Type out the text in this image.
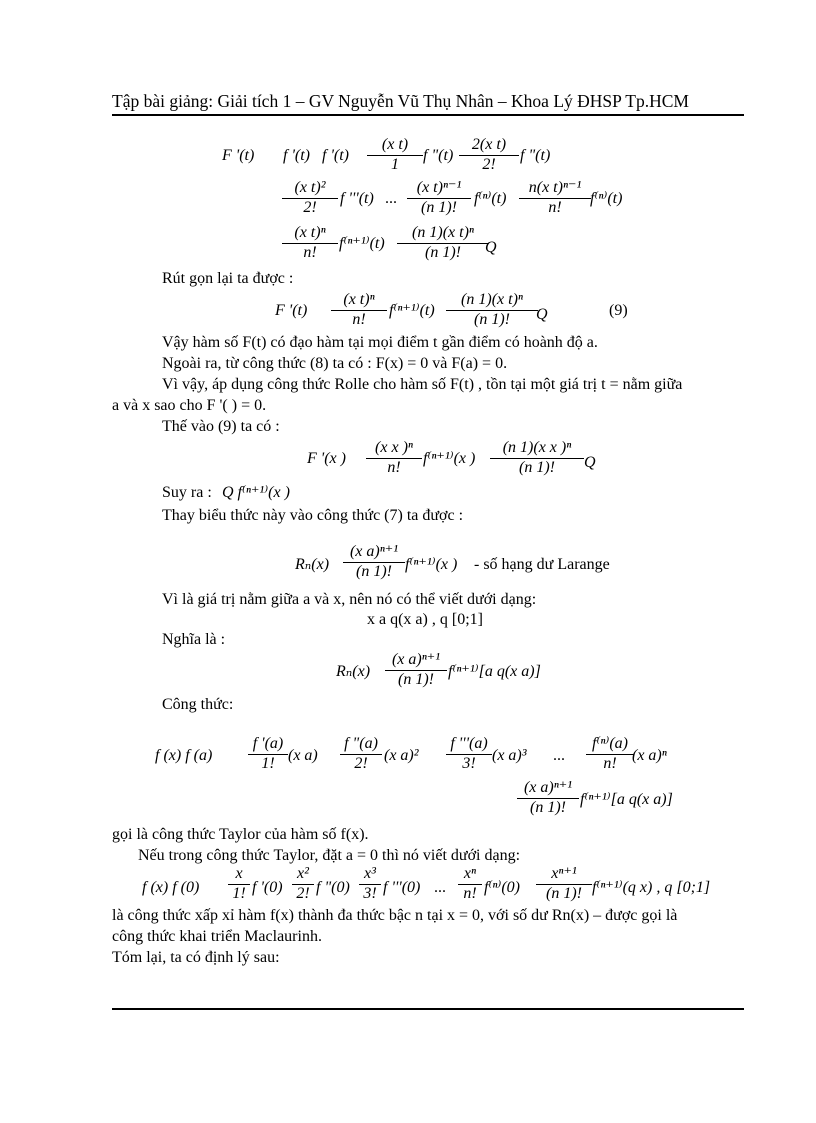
Tập bài giảng: Giải tích 1 – GV Nguyễn Vũ Thụ Nhân – Khoa Lý ĐHSP Tp.HCM
F '(t) f '(t) f '$(t) \frac{\text{(x t)}}{1}$ f "$(t) \frac{\text{2(x t)}}{2!}$ f "(t)
$\frac{\text{(x t)²}}{2!}$ f '''(t) ... $\frac{\text{(x t)ⁿ⁻¹}}{(n 1)!} f^{(n)}(t) \frac{\text{n(x t)ⁿ⁻¹}}{n!} f^{(n)}(t)$
$\frac{\text{(x t)ⁿ}}{n!} f^{(n+1)}(t) \frac{\text{(n 1)(x t)ⁿ}}{(n 1)!}$
Q
Rút gọn lại ta được :
F '$(t) \frac{\text{(x t)ⁿ}}{n!} f^{(n+1)}(t) \frac{\text{(n 1)(x t)ⁿ}}{(n 1)!}$
Q	(9)
Vậy hàm số F(t) có đạo hàm tại mọi điểm t gần điểm có hoành độ a.
Ngoài ra, từ công thức (8) ta có : F(x) = 0 và F(a) = 0.
Vì vậy, áp dụng công thức Rolle cho hàm số F(t) , tồn tại một giá trị t = nằm giữa
a và x sao cho F '( ) = 0.
Thế vào (9) ta có :
F '(x ) $\frac{\text{(x x )ⁿ}}{n!} f^{(n+1)}(x$ ) $\frac{\text{(n 1)(x x )ⁿ}}{(n 1)!}$ Q
Suy ra : Q f⁽ⁿ⁺¹⁾(x )
Thay biểu thức này vào công thức (7) ta được :
$R_n(x) \frac{\text{(x a)ⁿ⁺¹}}{(n 1)!} f^{(n+1)}(x$ ) - số hạng dư Larange
Vì là giá trị nằm giữa a và x, nên nó có thể viết dưới dạng:
x a q(x a) , q [0;1]
Nghĩa là :
$R_n(x) \frac{\text{(x a)ⁿ⁺¹}}{(n 1)!} f^{(n+1)}[a$ q(x a)]
Công thức:
f (x) f $(a) \frac{f '(a)}{1!} (x$ $a) \frac{f "(a)}{2!} (x$ $a)^2 \frac{f '''(a)}{3!} (x$ a)³ ... $\frac{\text{f⁽ⁿ⁾(a)}}{n!}$
(x a)ⁿ
$\frac{\text{(x a)ⁿ⁺¹}}{(n 1)!} f^{(n+1)}[a$ q(x a)]
gọi là công thức Taylor của hàm số f(x).
Nếu trong công thức Taylor, đặt a = 0 thì nó viết dưới dạng:
f (x) f $(0) \frac{x}{1!}$ f '$(0) \frac{\text{x²}}{2!}$ f "$(0) \frac{\text{x³}}{3!}$ f '''(0) ... $\frac{\text{xⁿ}}{n!} f^{(n)}(0) \frac{\text{xⁿ⁺¹}}{(n 1)!} f^{(n+1)}(q$ x) , q [0;1]
là công thức xấp xỉ hàm f(x) thành đa thức bậc n tại x = 0, với số dư Rn(x) – được gọi là
công thức khai triển Maclaurinh.
Tóm lại, ta có định lý sau:
